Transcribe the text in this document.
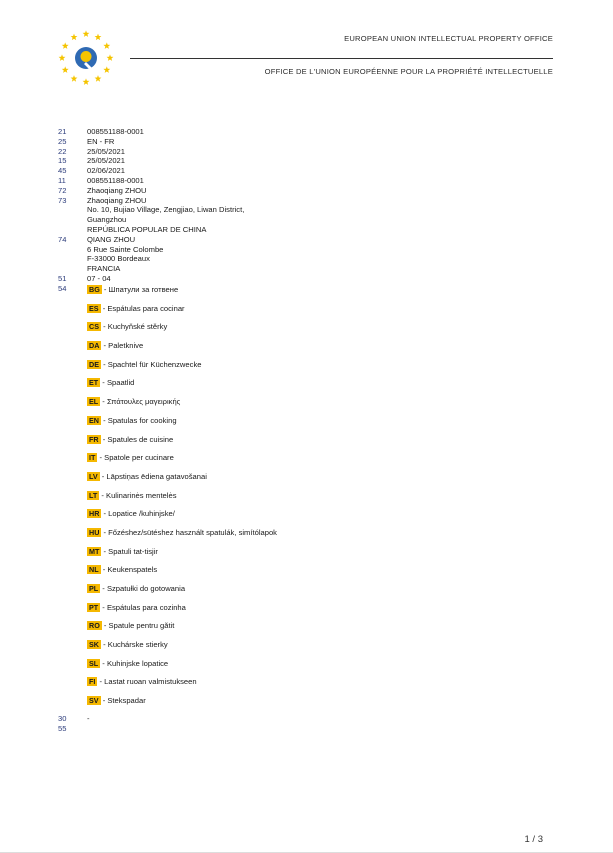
EUROPEAN UNION INTELLECTUAL PROPERTY OFFICE
OFFICE DE L'UNION EUROPÉENNE POUR LA PROPRIÉTÉ INTELLECTUELLE
21	008551188-0001
25	EN - FR
22	25/05/2021
15	25/05/2021
45	02/06/2021
11	008551188-0001
72	Zhaoqiang ZHOU
73	Zhaoqiang ZHOU
No. 10, Bujiao Village, Zengjiao, Liwan District,
Guangzhou
REPÚBLICA POPULAR DE CHINA
74	QIANG ZHOU
6 Rue Sainte Colombe
F-33000 Bordeaux
FRANCIA
51	07 - 04
54	BG - Шпатули за готвене
ES - Espátulas para cocinar
CS - Kuchyňské stěrky
DA - Paletknive
DE - Spachtel für Küchenzwecke
ET - Spaatlid
EL - Σπάτουλες μαγειρικής
EN - Spatulas for cooking
FR - Spatules de cuisine
IT - Spatole per cucinare
LV - Lāpstiņas ēdiena gatavošanai
LT - Kulinarinės mentelės
HR - Lopatice /kuhinjske/
HU - Főzéshez/sütéshez használt spatulák, simítólapok
MT - Spatuli tat-tisjir
NL - Keukenspatels
PL - Szpatułki do gotowania
PT - Espátulas para cozinha
RO - Spatule pentru gătit
SK - Kuchárske stierky
SL - Kuhinjske lopatice
FI - Lastat ruoan valmistukseen
SV - Stekspadar
30	-
55
1 / 3
